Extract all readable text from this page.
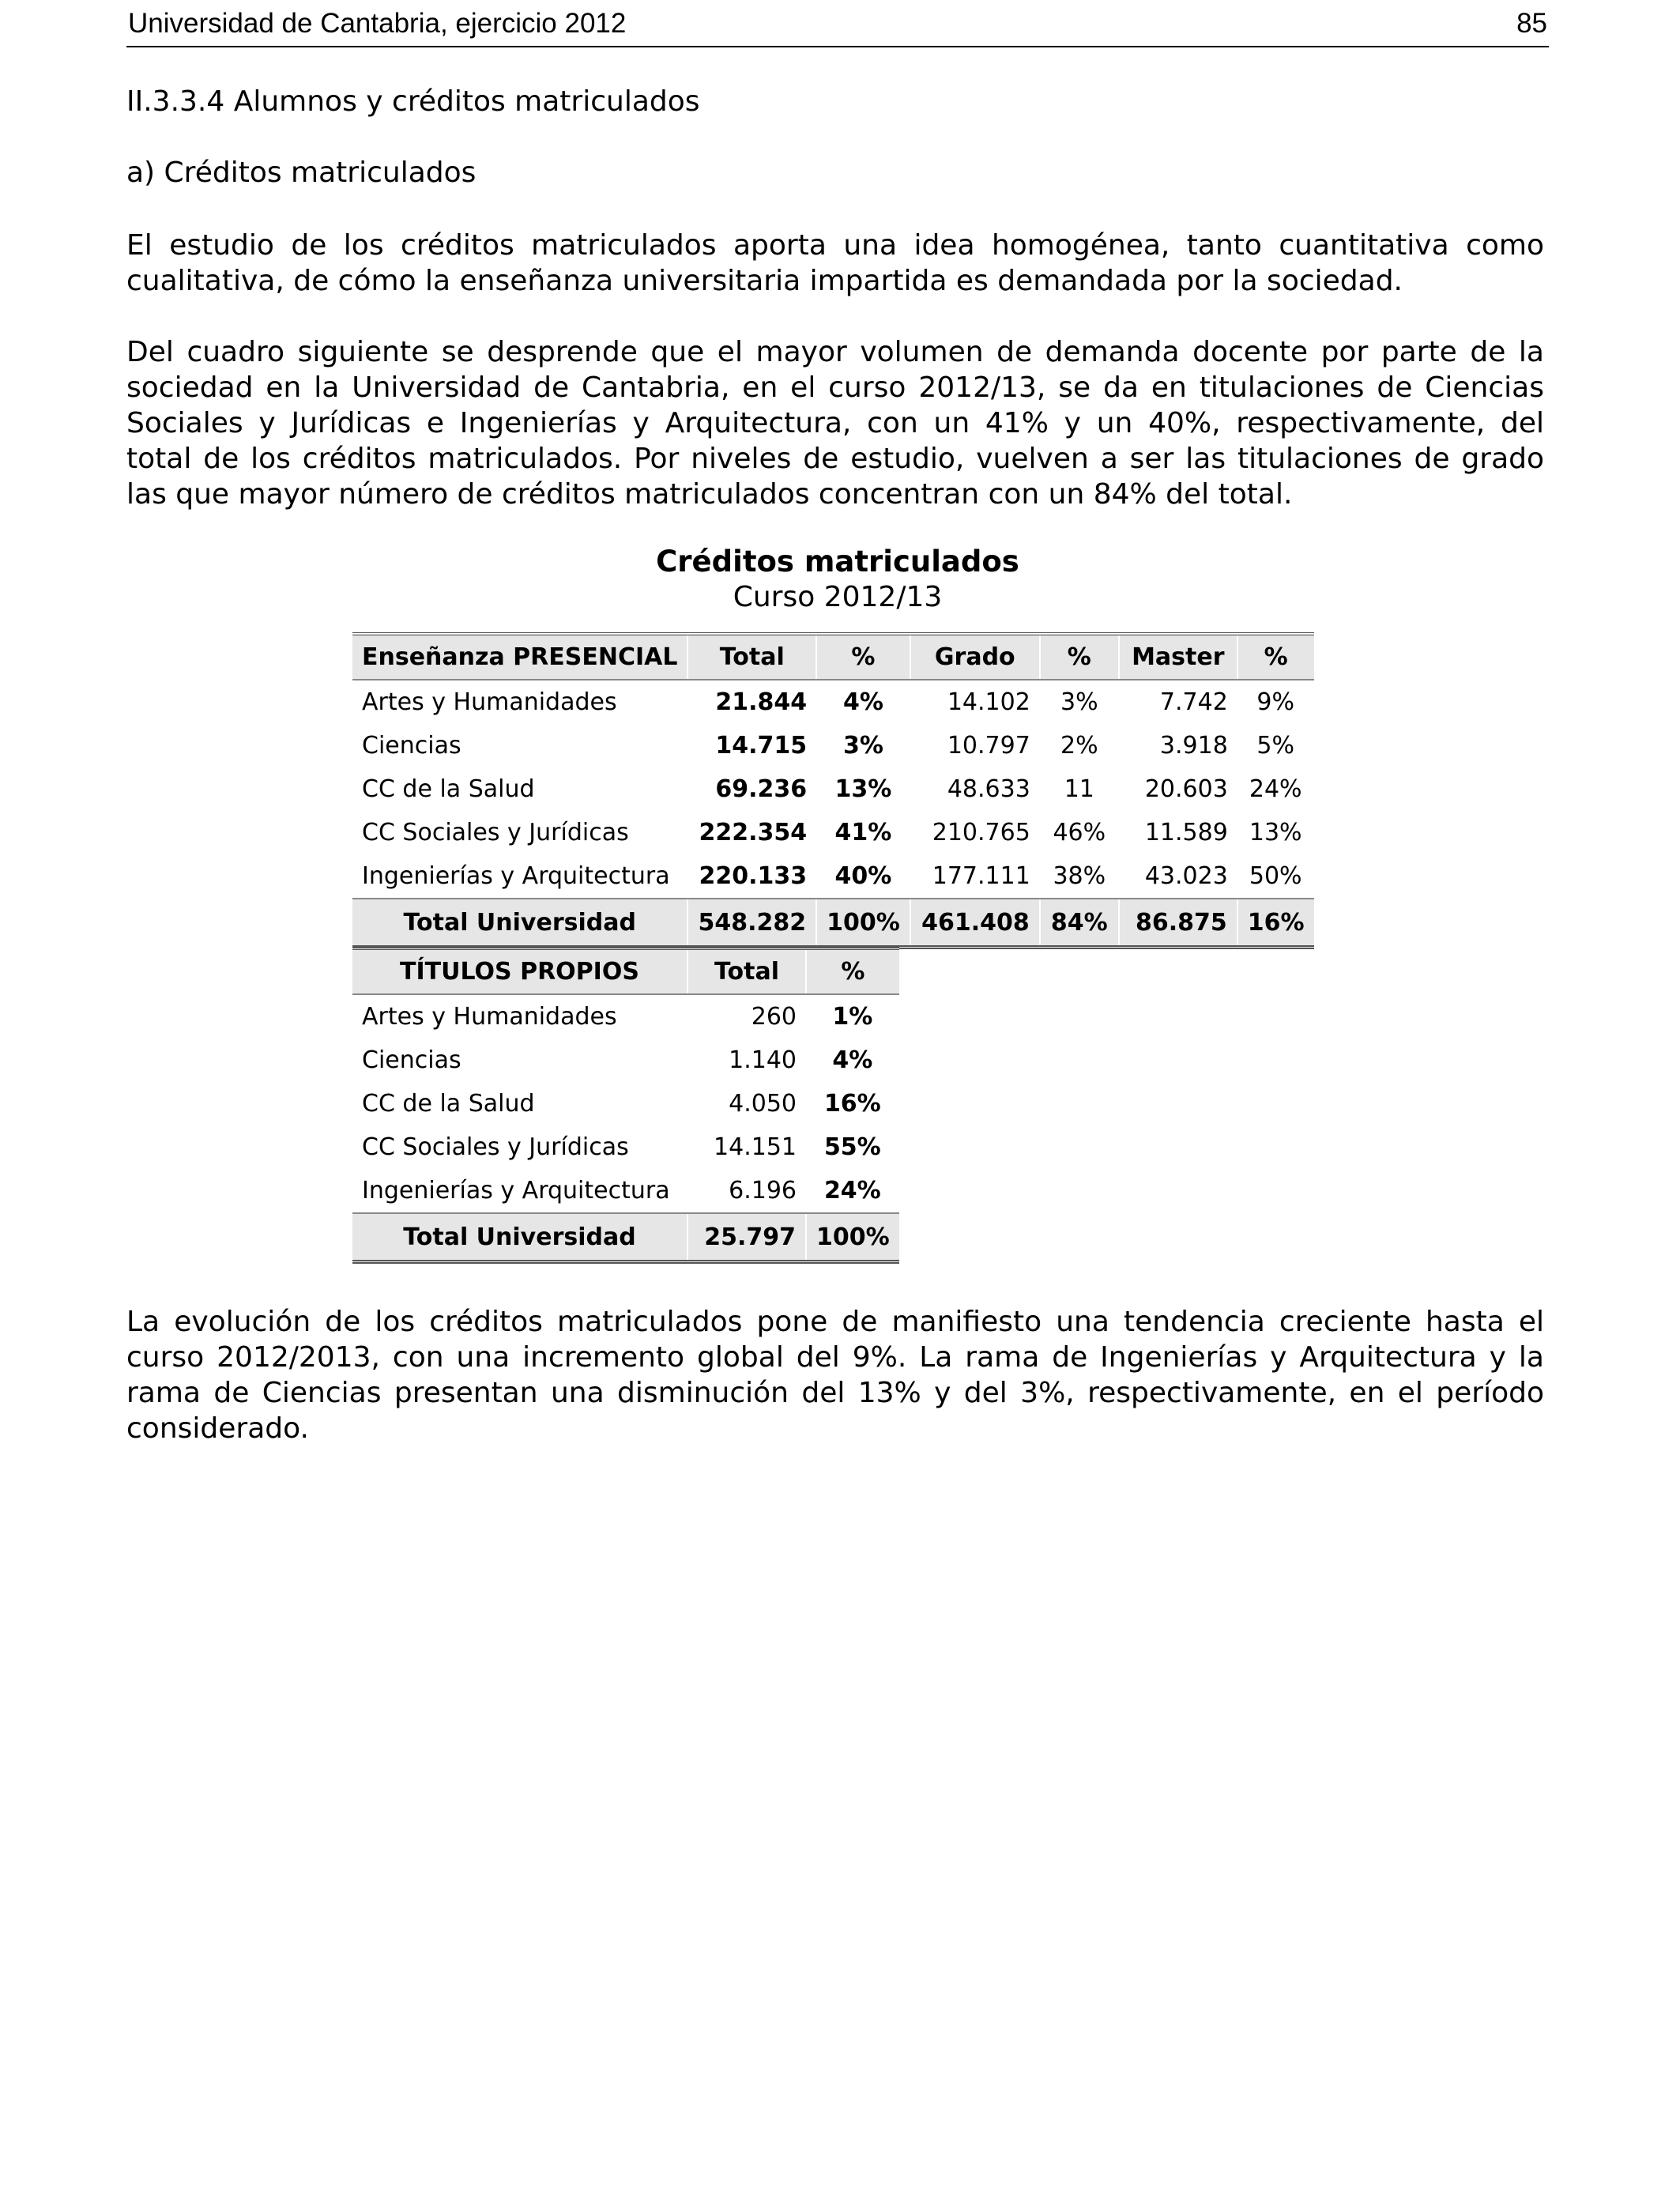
Universidad de Cantabria, ejercicio 2012	85
II.3.3.4 Alumnos y créditos matriculados
a) Créditos matriculados
El estudio de los créditos matriculados aporta una idea homogénea, tanto cuantitativa como
cualitativa, de cómo la enseñanza universitaria impartida es demandada por la sociedad.
Del cuadro siguiente se desprende que el mayor volumen de demanda docente por parte de la
sociedad en la Universidad de Cantabria, en el curso 2012/13, se da en titulaciones de Ciencias
Sociales y Jurídicas e Ingenierías y Arquitectura, con un 41% y un 40%, respectivamente, del
total de los créditos matriculados. Por niveles de estudio, vuelven a ser las titulaciones de grado
las que mayor número de créditos matriculados concentran con un 84% del total.
Créditos matriculados
Curso 2012/13
Enseñanza PRESENCIAL	Total	%	Grado	%	Master	%
Artes y Humanidades	21.844	4%	14.102	3%	7.742	9%
Ciencias	14.715	3%	10.797	2%	3.918	5%
CC de la Salud	69.236	13%	48.633	11	20.603	24%
CC Sociales y Jurídicas	222.354	41%	210.765	46%	11.589	13%
Ingenierías y Arquitectura	220.133	40%	177.111	38%	43.023	50%
Total Universidad	548.282	100%	461.408	84%	86.875	16%
TÍTULOS PROPIOS	Total	%
Artes y Humanidades	260	1%
Ciencias	1.140	4%
CC de la Salud	4.050	16%
CC Sociales y Jurídicas	14.151	55%
Ingenierías y Arquitectura	6.196	24%
Total Universidad	25.797	100%
La evolución de los créditos matriculados pone de manifiesto una tendencia creciente hasta el
curso 2012/2013, con una incremento global del 9%. La rama de Ingenierías y Arquitectura y la
rama de Ciencias presentan una disminución del 13% y del 3%, respectivamente, en el período
considerado.
